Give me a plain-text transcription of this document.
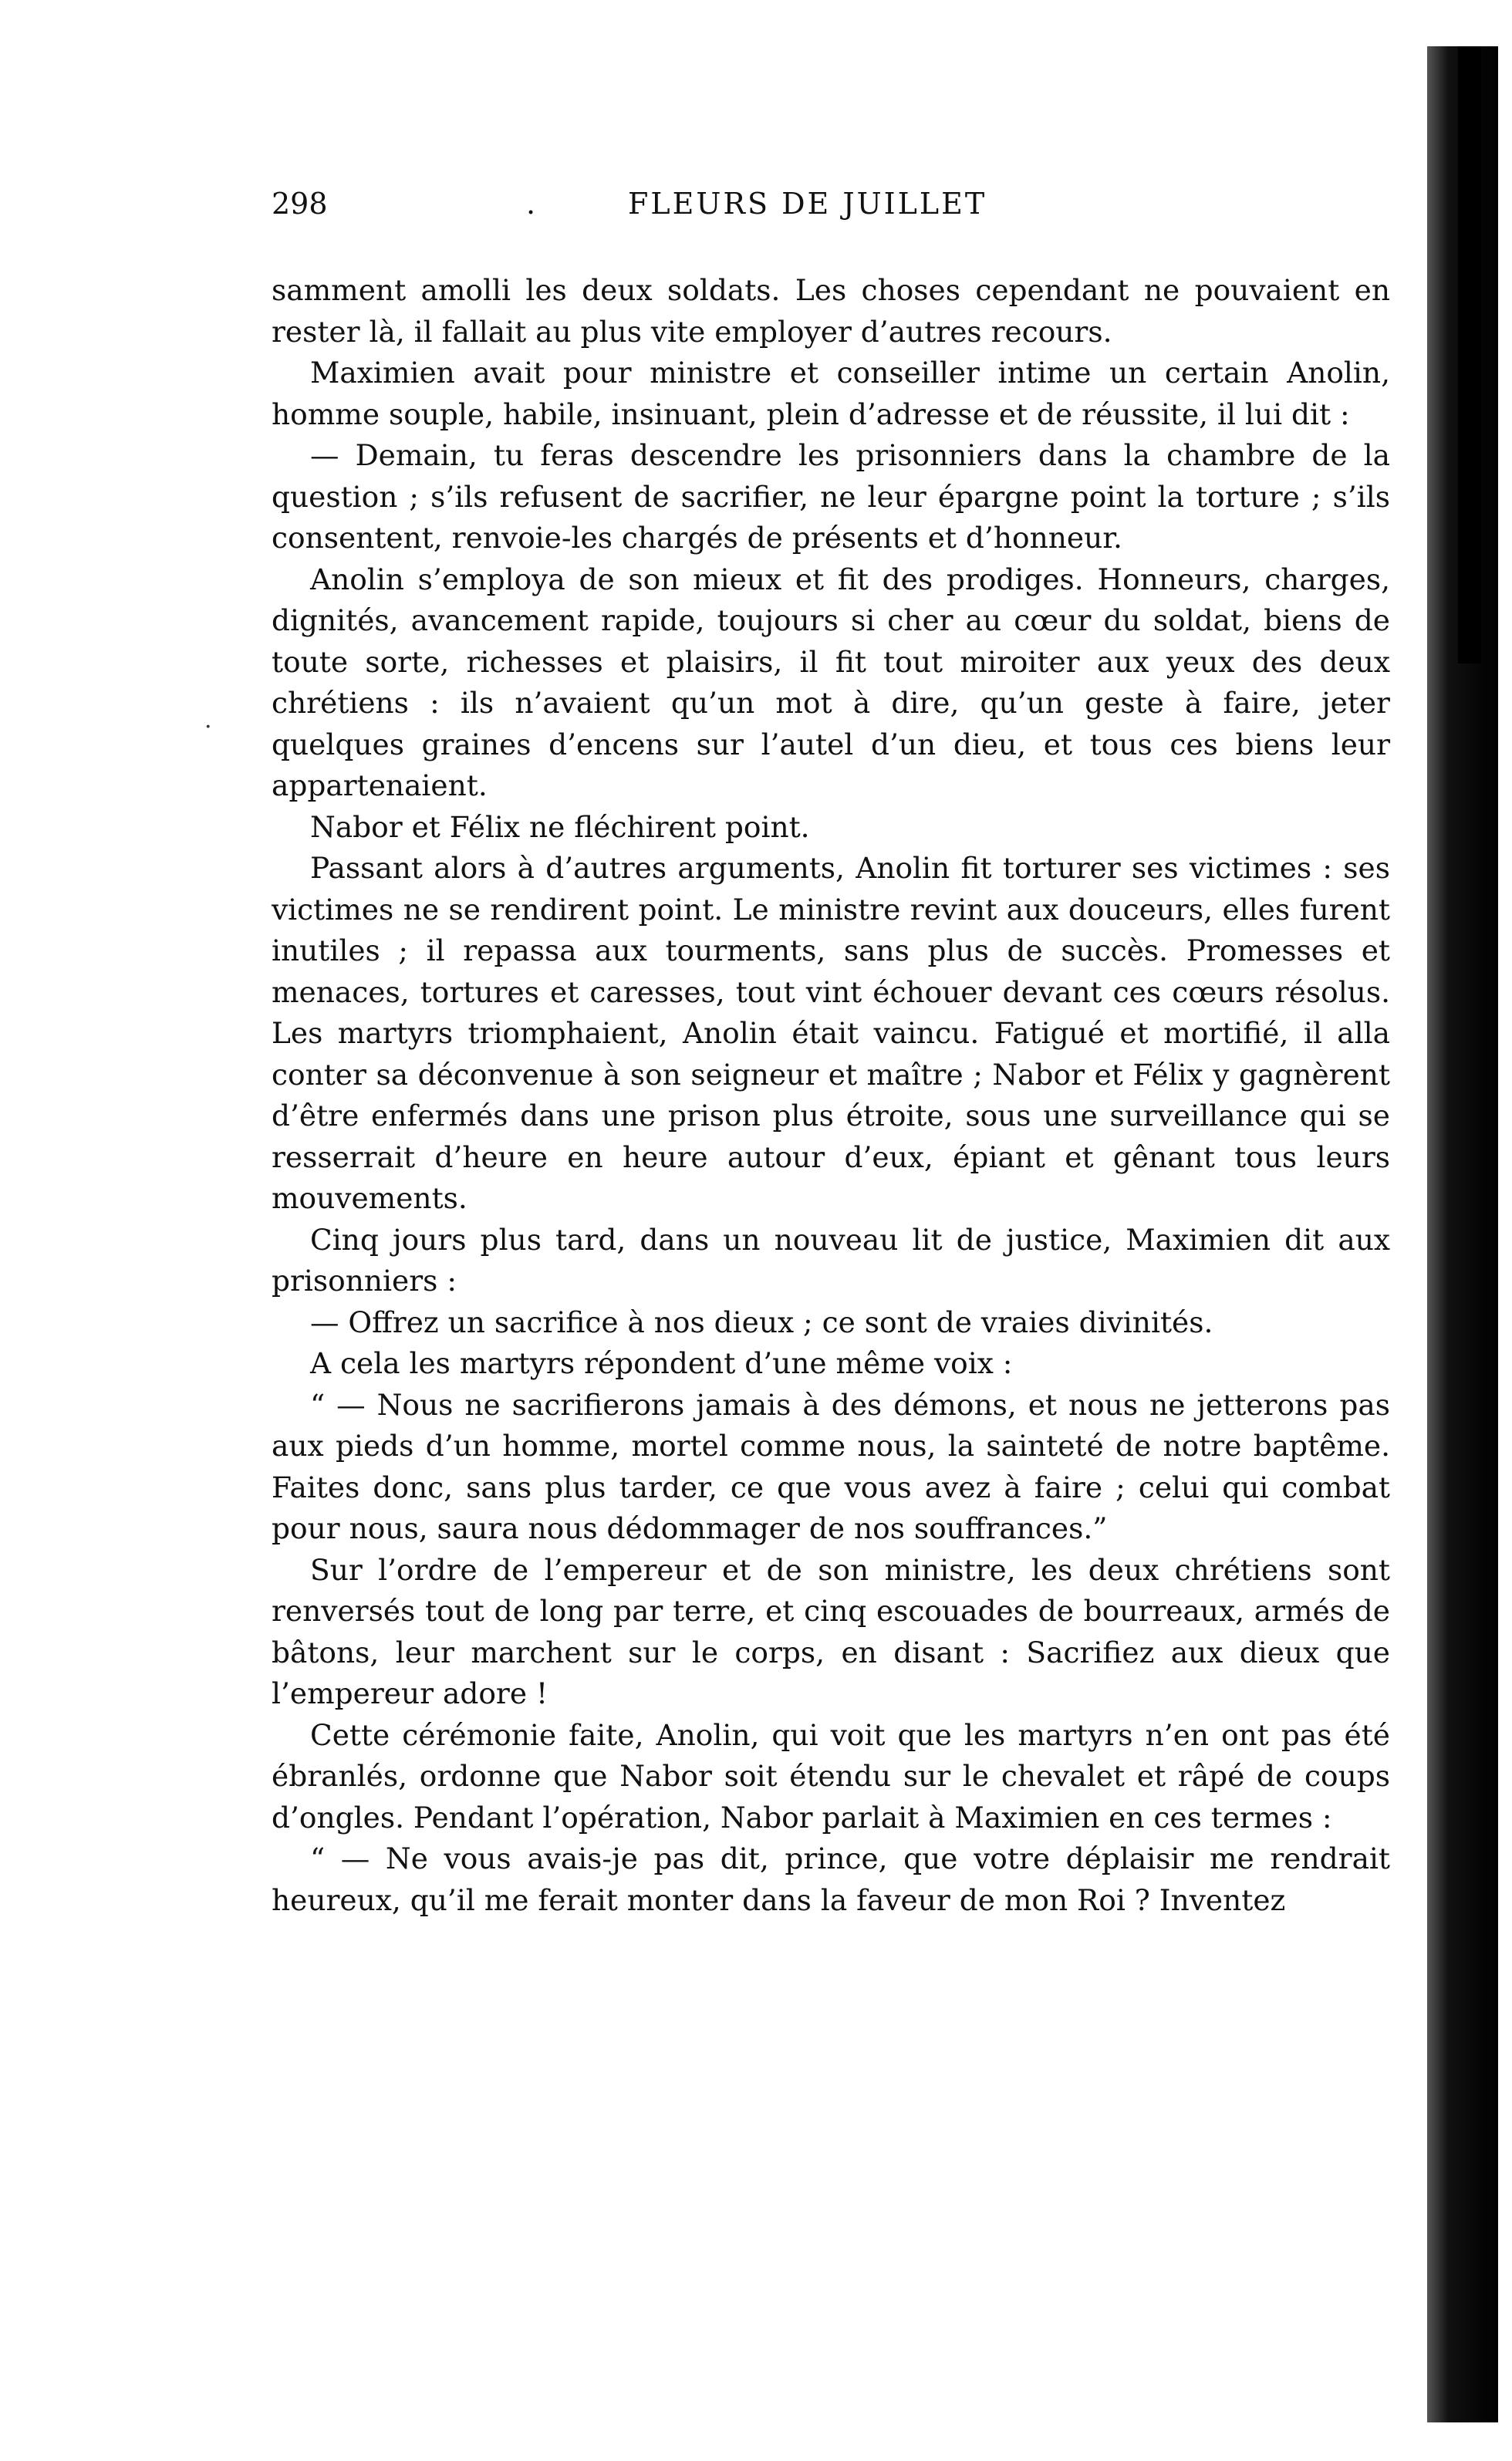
298	.	FLEURS DE JUILLET
·

samment amolli les deux soldats. Les choses cependant ne pouvaient en rester là, il fallait au plus vite employer d’autres recours.

Maximien avait pour ministre et conseiller intime un certain Anolin, homme souple, habile, insinuant, plein d’adresse et de réussite, il lui dit :

— Demain, tu feras descendre les prisonniers dans la chambre de la question ; s’ils refusent de sacrifier, ne leur épargne point la torture ; s’ils consentent, renvoie-les chargés de présents et d’honneur.

Anolin s’employa de son mieux et fit des prodiges. Honneurs, charges, dignités, avancement rapide, toujours si cher au cœur du soldat, biens de toute sorte, richesses et plaisirs, il fit tout miroiter aux yeux des deux chrétiens : ils n’avaient qu’un mot à dire, qu’un geste à faire, jeter quelques graines d’encens sur l’autel d’un dieu, et tous ces biens leur appartenaient.

Nabor et Félix ne fléchirent point.

Passant alors à d’autres arguments, Anolin fit torturer ses victimes : ses victimes ne se rendirent point. Le ministre revint aux douceurs, elles furent inutiles ; il repassa aux tourments, sans plus de succès. Promesses et menaces, tortures et caresses, tout vint échouer devant ces cœurs résolus. Les martyrs triomphaient, Anolin était vaincu. Fatigué et mortifié, il alla conter sa déconvenue à son seigneur et maître ; Nabor et Félix y gagnèrent d’être enfermés dans une prison plus étroite, sous une surveillance qui se resserrait d’heure en heure autour d’eux, épiant et gênant tous leurs mouvements.

Cinq jours plus tard, dans un nouveau lit de justice, Maximien dit aux prisonniers :

— Offrez un sacrifice à nos dieux ; ce sont de vraies divinités.

A cela les martyrs répondent d’une même voix :

“ — Nous ne sacrifierons jamais à des démons, et nous ne jetterons pas aux pieds d’un homme, mortel comme nous, la sainteté de notre baptême. Faites donc, sans plus tarder, ce que vous avez à faire ; celui qui combat pour nous, saura nous dédommager de nos souffrances.”

Sur l’ordre de l’empereur et de son ministre, les deux chrétiens sont renversés tout de long par terre, et cinq escouades de bourreaux, armés de bâtons, leur marchent sur le corps, en disant : Sacrifiez aux dieux que l’empereur adore !

Cette cérémonie faite, Anolin, qui voit que les martyrs n’en ont pas été ébranlés, ordonne que Nabor soit étendu sur le chevalet et râpé de coups d’ongles. Pendant l’opération, Nabor parlait à Maximien en ces termes :

“ — Ne vous avais-je pas dit, prince, que votre déplaisir me rendrait heureux, qu’il me ferait monter dans la faveur de mon Roi ? Inventez
